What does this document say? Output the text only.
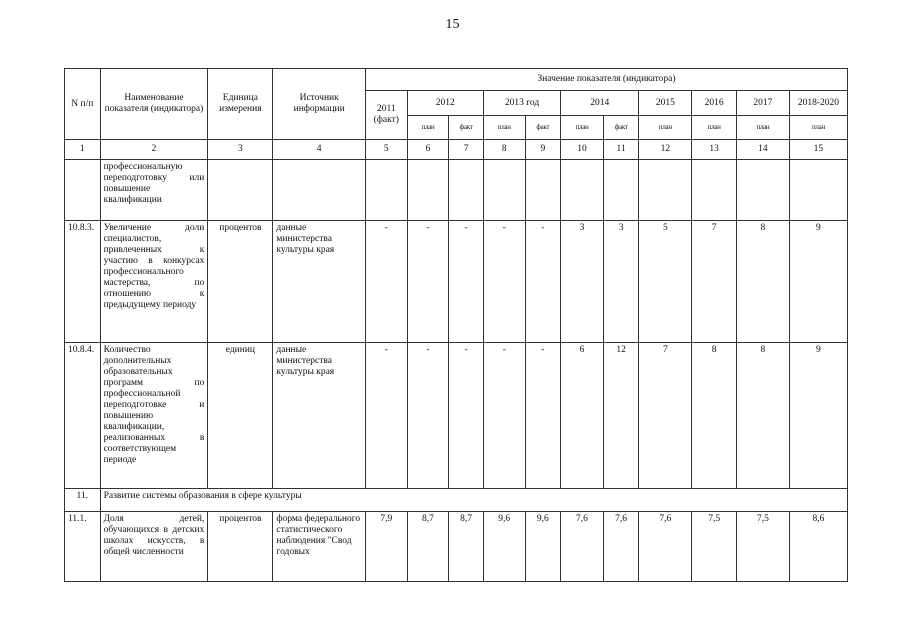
15
N п/п	Наименование показателя (индикатора)	Единица измерения	Источник информации	Значение показателя (индикатора)										
				2011 (факт)	2012		2013 год		2014		2015	2016	2017	2018-2020
					план	факт	план	факт	план	факт	план	план	план	план
1	2	3	4	5	6	7	8	9	10	11	12	13	14	15
	профессиональную переподготовку или повышение квалификации													
10.8.3.	Увеличение доли специалистов, привлеченных к участию в конкурсах профессионального мастерства, по отношению к предыдущему периоду	процентов	данные министерства культуры края	-	-	-	-	-	3	3	5	7	8	9
10.8.4.	Количество дополнительных образовательных программ по профессиональной переподготовке и повышению квалификации, реализованных в соответствующем периоде	единиц	данные министерства культуры края	-	-	-	-	-	6	12	7	8	8	9
11.	Развитие системы образования в сфере культуры													
11.1.	Доля детей, обучающихся в детских школах искусств, в общей численности	процентов	форма федерального статистического наблюдения "Свод годовых	7,9	8,7	8,7	9,6	9,6	7,6	7,6	7,6	7,5	7,5	8,6
